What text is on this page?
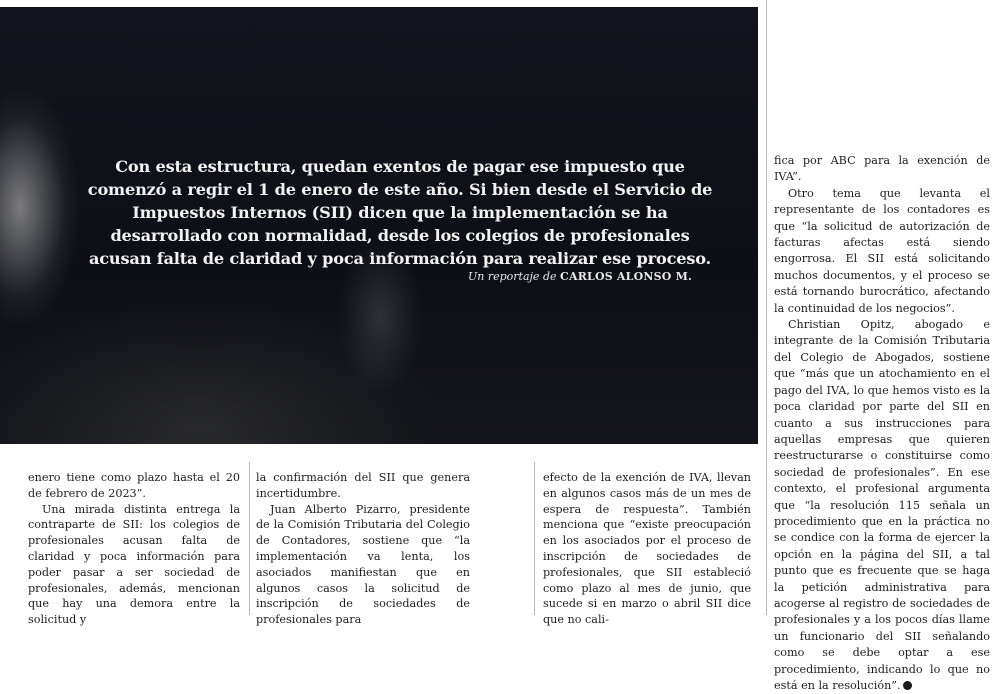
Con esta estructura, quedan exentos de pagar ese impuesto que comenzó a regir el 1 de enero de este año. Si bien desde el Servicio de Impuestos Internos (SII) dicen que la implementación se ha desarrollado con normalidad, desde los colegios de profesionales acusan falta de claridad y poca información para realizar ese proceso.

Un reportaje de CARLOS ALONSO M.

enero tiene como plazo hasta el 20 de febrero de 2023”.

Una mirada distinta entrega la contraparte de SII: los colegios de profesionales acusan falta de claridad y poca información para poder pasar a ser sociedad de profesionales, además, mencionan que hay una demora entre la solicitud y

la confirmación del SII que genera incertidumbre.

Juan Alberto Pizarro, presidente de la Comisión Tributaria del Colegio de Contadores, sostiene que “la implementación va lenta, los asociados manifiestan que en algunos casos la solicitud de inscripción de sociedades de profesionales para

efecto de la exención de IVA, llevan en algunos casos más de un mes de espera de respuesta”. También menciona que “existe preocupación en los asociados por el proceso de inscripción de sociedades de profesionales, que SII estableció como plazo al mes de junio, que sucede si en marzo o abril SII dice que no cali-

fica por ABC para la exención de IVA”.

Otro tema que levanta el representante de los contadores es que “la solicitud de autorización de facturas afectas está siendo engorrosa. El SII está solicitando muchos documentos, y el proceso se está tornando burocrático, afectando la continuidad de los negocios”.

Christian Opitz, abogado e integrante de la Comisión Tributaria del Colegio de Abogados, sostiene que “más que un atochamiento en el pago del IVA, lo que hemos visto es la poca claridad por parte del SII en cuanto a sus instrucciones para aquellas empresas que quieren reestructurarse o constituirse como sociedad de profesionales”. En ese contexto, el profesional argumenta que “la resolución 115 señala un procedimiento que en la práctica no se condice con la forma de ejercer la opción en la página del SII, a tal punto que es frecuente que se haga la petición administrativa para acogerse al registro de sociedades de profesionales y a los pocos días llame un funcionario del SII señalando como se debe optar a ese procedimiento, indicando lo que no está en la resolución”.
